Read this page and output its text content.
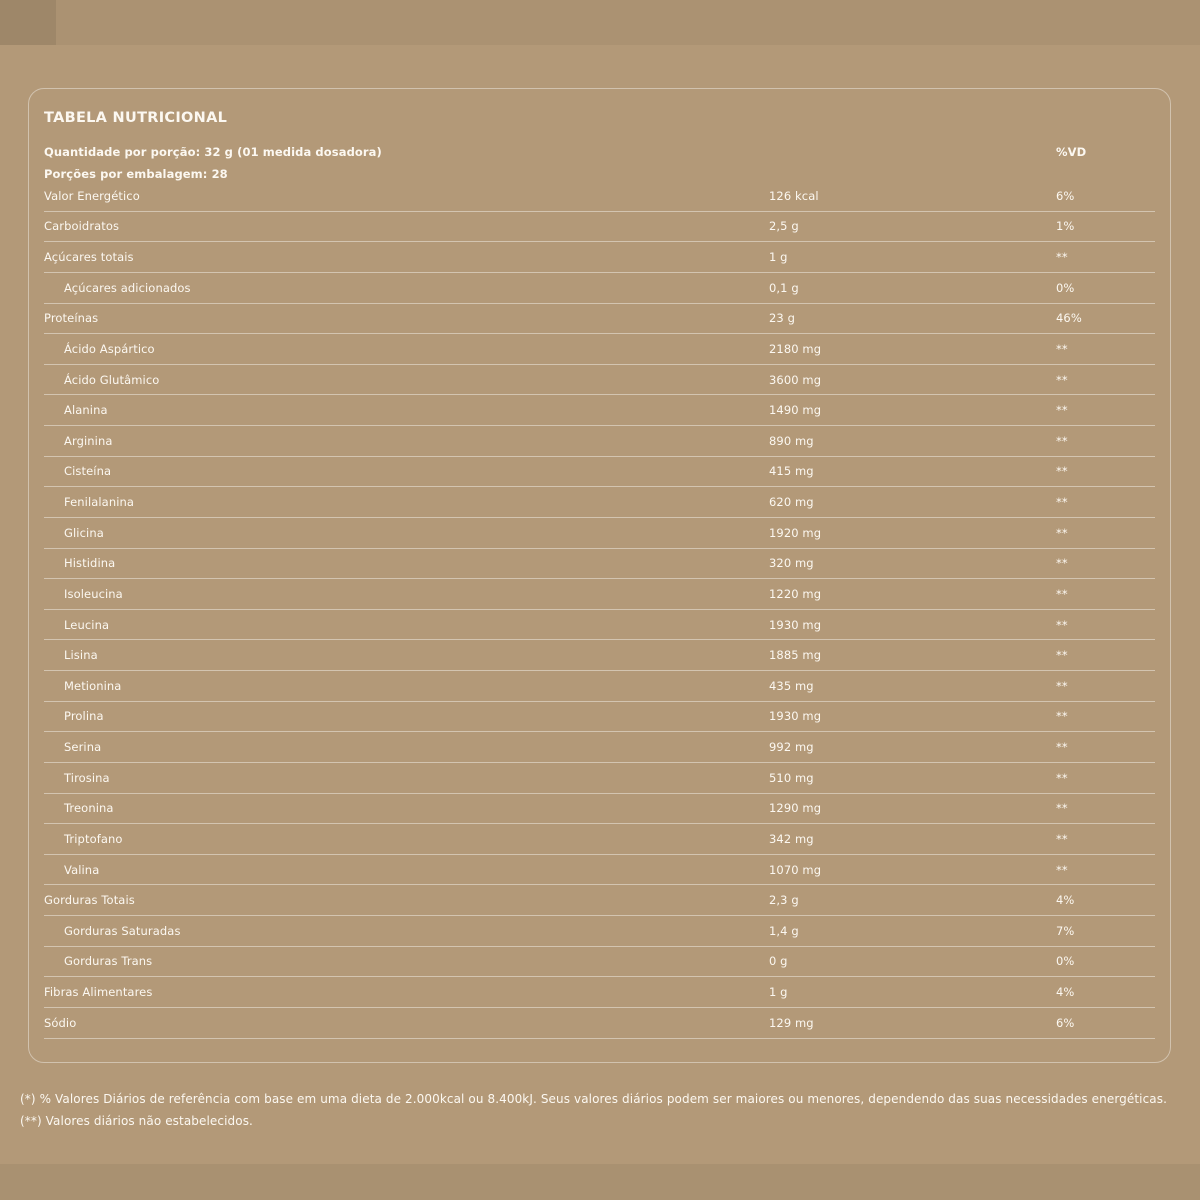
TABELA NUTRICIONAL
Quantidade por porção: 32 g (01 medida dosadora)	%VD
Porções por embalagem: 28
Valor Energético	126 kcal	6%
Carboidratos	2,5 g	1%
Açúcares totais	1 g	**
Açúcares adicionados	0,1 g	0%
Proteínas	23 g	46%
Ácido Aspártico	2180 mg	**
Ácido Glutâmico	3600 mg	**
Alanina	1490 mg	**
Arginina	890 mg	**
Cisteína	415 mg	**
Fenilalanina	620 mg	**
Glicina	1920 mg	**
Histidina	320 mg	**
Isoleucina	1220 mg	**
Leucina	1930 mg	**
Lisina	1885 mg	**
Metionina	435 mg	**
Prolina	1930 mg	**
Serina	992 mg	**
Tirosina	510 mg	**
Treonina	1290 mg	**
Triptofano	342 mg	**
Valina	1070 mg	**
Gorduras Totais	2,3 g	4%
Gorduras Saturadas	1,4 g	7%
Gorduras Trans	0 g	0%
Fibras Alimentares	1 g	4%
Sódio	129 mg	6%
(*) % Valores Diários de referência com base em uma dieta de 2.000kcal ou 8.400kJ. Seus valores diários podem ser maiores ou menores, dependendo das suas necessidades energéticas. (**) Valores diários não estabelecidos.
